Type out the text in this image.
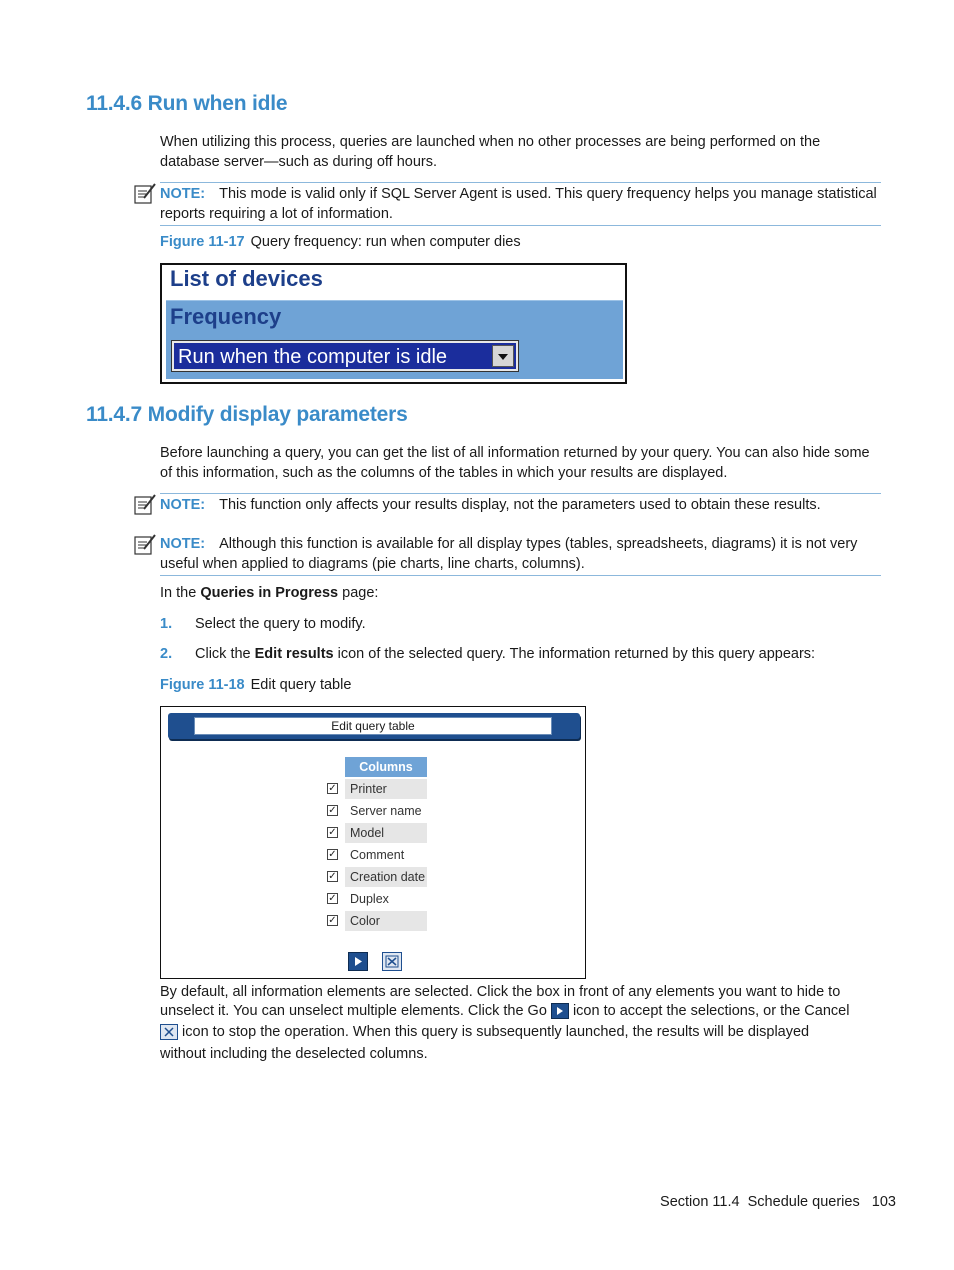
11.4.6 Run when idle

When utilizing this process, queries are launched when no other processes are being performed on the database server—such as during off hours.

NOTE: This mode is valid only if SQL Server Agent is used. This query frequency helps you manage statistical reports requiring a lot of information.

Figure 11-17 Query frequency: run when computer dies

List of devices
Frequency
Run when the computer is idle
11.4.7 Modify display parameters

Before launching a query, you can get the list of all information returned by your query. You can also hide some of this information, such as the columns of the tables in which your results are displayed.

NOTE: This function only affects your results display, not the parameters used to obtain these results.
NOTE: Although this function is available for all display types (tables, spreadsheets, diagrams) it is not very useful when applied to diagrams (pie charts, line charts, columns).

In the Queries in Progress page:

1. Select the query to modify.
2. Click the Edit results icon of the selected query. The information returned by this query appears:

Figure 11-18 Edit query table

Edit query table
Columns
✓	Printer
✓	Server name
✓	Model
✓	Comment
✓	Creation date
✓	Duplex
✓	Color
By default, all information elements are selected. Click the box in front of any elements you want to hide to
unselect it. You can unselect multiple elements. Click the Go icon to accept the selections, or the Cancel
icon to stop the operation. When this query is subsequently launched, the results will be displayed
without including the deselected columns.
Section 11.4 Schedule queries 103
